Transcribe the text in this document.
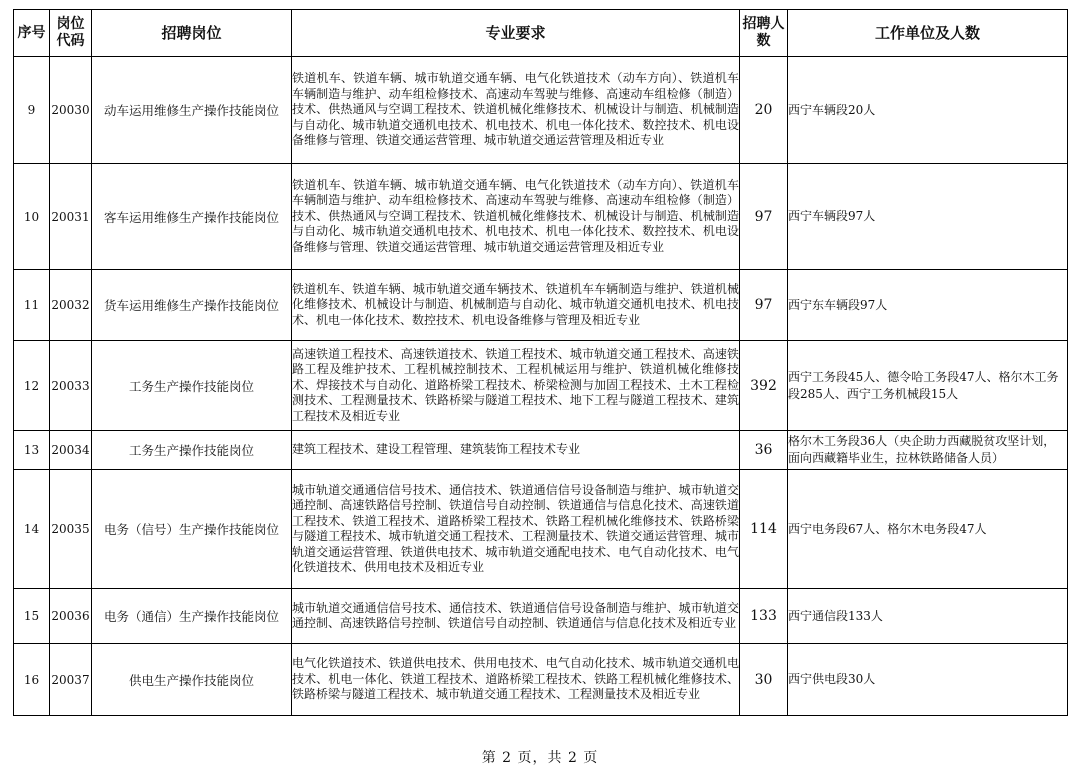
序号	岗位代码	招聘岗位	专业要求	招聘人数	工作单位及人数
9	20030	动车运用维修生产操作技能岗位	铁道机车、铁道车辆、城市轨道交通车辆、电气化铁道技术（动车方向）、铁道机车车辆制造与维护、动车组检修技术、高速动车驾驶与维修、高速动车组检修（制造）技术、供热通风与空调工程技术、铁道机械化维修技术、机械设计与制造、机械制造与自动化、城市轨道交通机电技术、机电技术、机电一体化技术、数控技术、机电设备维修与管理、铁道交通运营管理、城市轨道交通运营管理及相近专业	20	西宁车辆段20人
10	20031	客车运用维修生产操作技能岗位	铁道机车、铁道车辆、城市轨道交通车辆、电气化铁道技术（动车方向）、铁道机车车辆制造与维护、动车组检修技术、高速动车驾驶与维修、高速动车组检修（制造）技术、供热通风与空调工程技术、铁道机械化维修技术、机械设计与制造、机械制造与自动化、城市轨道交通机电技术、机电技术、机电一体化技术、数控技术、机电设备维修与管理、铁道交通运营管理、城市轨道交通运营管理及相近专业	97	西宁车辆段97人
11	20032	货车运用维修生产操作技能岗位	铁道机车、铁道车辆、城市轨道交通车辆技术、铁道机车车辆制造与维护、铁道机械化维修技术、机械设计与制造、机械制造与自动化、城市轨道交通机电技术、机电技术、机电一体化技术、数控技术、机电设备维修与管理及相近专业	97	西宁东车辆段97人
12	20033	工务生产操作技能岗位	高速铁道工程技术、高速铁道技术、铁道工程技术、城市轨道交通工程技术、高速铁路工程及维护技术、工程机械控制技术、工程机械运用与维护、铁道机械化维修技术、焊接技术与自动化、道路桥梁工程技术、桥梁检测与加固工程技术、土木工程检测技术、工程测量技术、铁路桥梁与隧道工程技术、地下工程与隧道工程技术、建筑工程技术及相近专业	392	西宁工务段45人、德令哈工务段47人、格尔木工务段285人、西宁工务机械段15人
13	20034	工务生产操作技能岗位	建筑工程技术、建设工程管理、建筑装饰工程技术专业	36	格尔木工务段36人（央企助力西藏脱贫攻坚计划，面向西藏籍毕业生，拉林铁路储备人员）
14	20035	电务（信号）生产操作技能岗位	城市轨道交通通信信号技术、通信技术、铁道通信信号设备制造与维护、城市轨道交通控制、高速铁路信号控制、铁道信号自动控制、铁道通信与信息化技术、高速铁道工程技术、铁道工程技术、道路桥梁工程技术、铁路工程机械化维修技术、铁路桥梁与隧道工程技术、城市轨道交通工程技术、工程测量技术、铁道交通运营管理、城市轨道交通运营管理、铁道供电技术、城市轨道交通配电技术、电气自动化技术、电气化铁道技术、供用电技术及相近专业	114	西宁电务段67人、格尔木电务段47人
15	20036	电务（通信）生产操作技能岗位	城市轨道交通通信信号技术、通信技术、铁道通信信号设备制造与维护、城市轨道交通控制、高速铁路信号控制、铁道信号自动控制、铁道通信与信息化技术及相近专业	133	西宁通信段133人
16	20037	供电生产操作技能岗位	电气化铁道技术、铁道供电技术、供用电技术、电气自动化技术、城市轨道交通机电技术、机电一体化、铁道工程技术、道路桥梁工程技术、铁路工程机械化维修技术、铁路桥梁与隧道工程技术、城市轨道交通工程技术、工程测量技术及相近专业	30	西宁供电段30人
第 2 页，共 2 页
